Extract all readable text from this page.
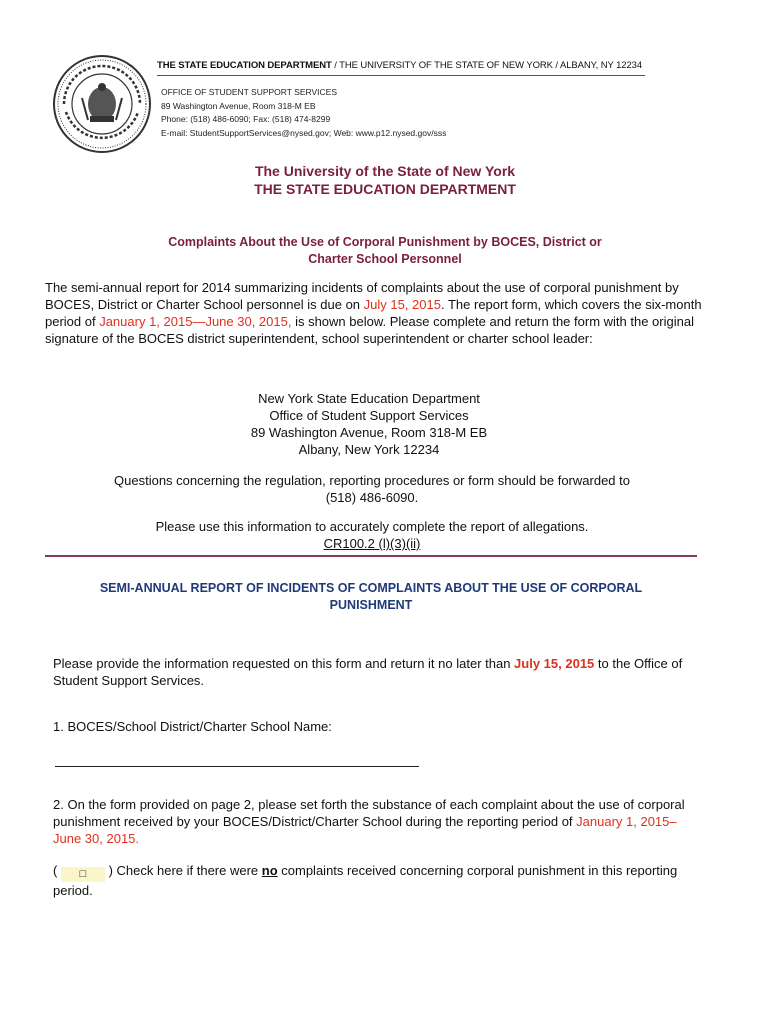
THE STATE EDUCATION DEPARTMENT / THE UNIVERSITY OF THE STATE OF NEW YORK / ALBANY, NY 12234
OFFICE OF STUDENT SUPPORT SERVICES
89 Washington Avenue, Room 318-M EB
Phone: (518) 486-6090; Fax: (518) 474-8299
E-mail: StudentSupportServices@nysed.gov; Web: www.p12.nysed.gov/sss
The University of the State of New York
THE STATE EDUCATION DEPARTMENT
Complaints About the Use of Corporal Punishment by BOCES, District or
Charter School Personnel
The semi-annual report for 2014 summarizing incidents of complaints about the use of corporal punishment by BOCES, District or Charter School personnel is due on July 15, 2015. The report form, which covers the six-month period of January 1, 2015—June 30, 2015, is shown below. Please complete and return the form with the original signature of the BOCES district superintendent, school superintendent or charter school leader:
New York State Education Department
Office of Student Support Services
89 Washington Avenue, Room 318-M EB
Albany, New York 12234
Questions concerning the regulation, reporting procedures or form should be forwarded to
(518) 486-6090.
Please use this information to accurately complete the report of allegations.
CR100.2 (l)(3)(ii)
SEMI-ANNUAL REPORT OF INCIDENTS OF COMPLAINTS ABOUT THE USE OF CORPORAL
PUNISHMENT
Please provide the information requested on this form and return it no later than July 15, 2015 to the Office of Student Support Services.
1. BOCES/School District/Charter School Name:
2. On the form provided on page 2, please set forth the substance of each complaint about the use of corporal punishment received by your BOCES/District/Charter School during the reporting period of January 1, 2015–June 30, 2015.
( □ ) Check here if there were no complaints received concerning corporal punishment in this reporting period.
